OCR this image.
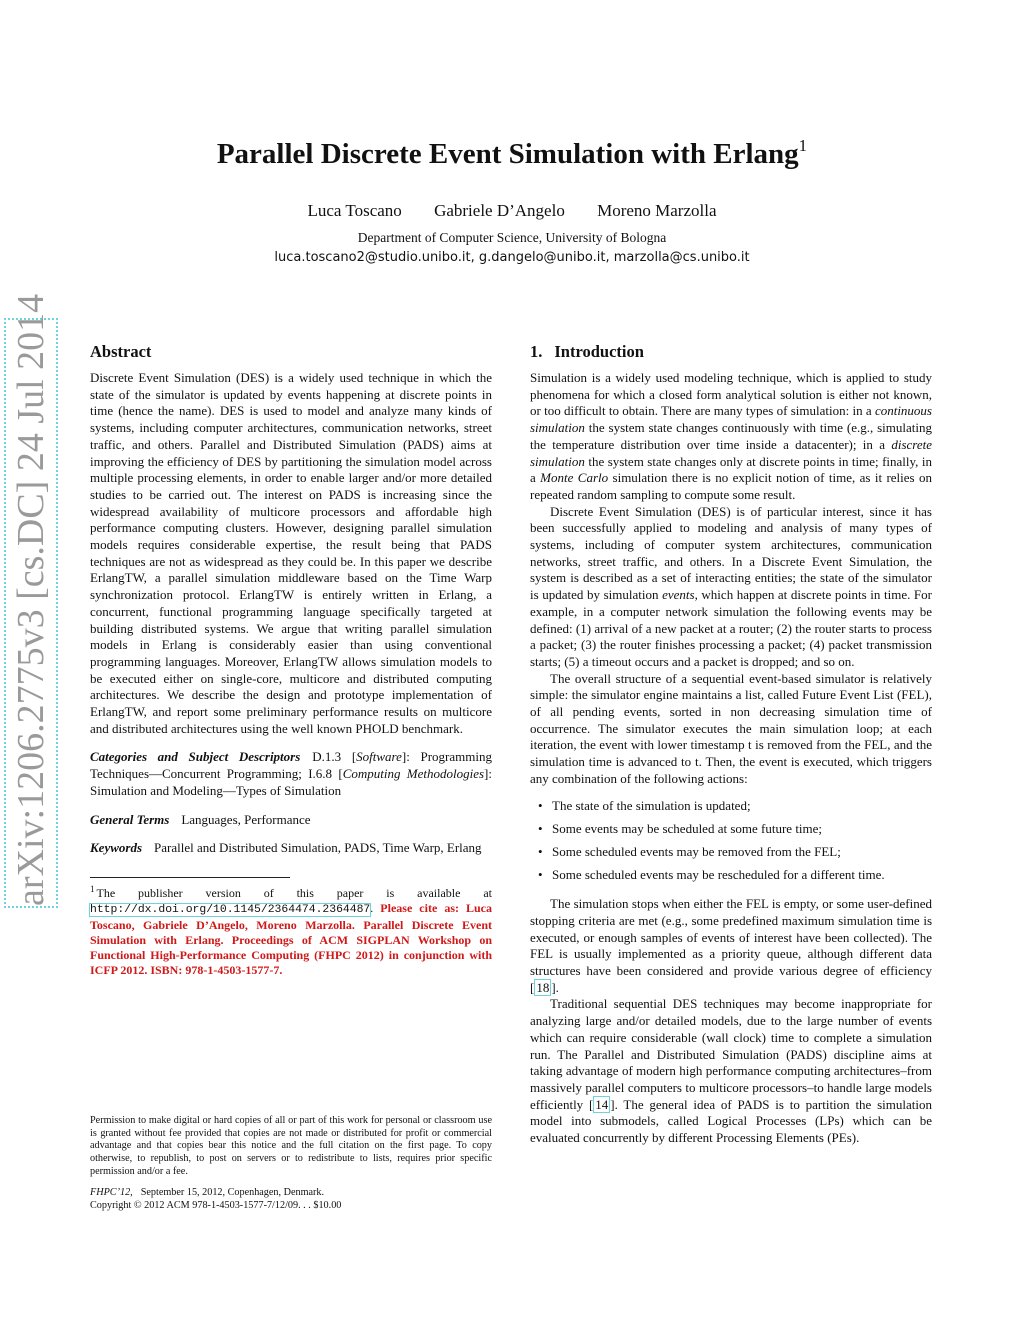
Parallel Discrete Event Simulation with Erlang$^1$
Luca Toscano Gabriele D’Angelo Moreno Marzolla
Department of Computer Science, University of Bologna
luca.toscano2@studio.unibo.it, g.dangelo@unibo.it, marzolla@cs.unibo.it
arXiv:1206.2775v3 [cs.DC] 24 Jul 2014	Abstract

Discrete Event Simulation (DES) is a widely used technique in which the state of the simulator is updated by events happening at discrete points in time (hence the name). DES is used to model and analyze many kinds of systems, including computer architectures, communication networks, street traffic, and others. Parallel and Distributed Simulation (PADS) aims at improving the efficiency of DES by partitioning the simulation model across multiple processing elements, in order to enable larger and/or more detailed studies to be carried out. The interest on PADS is increasing since the widespread availability of multicore processors and affordable high performance computing clusters. However, designing parallel simulation models requires considerable expertise, the result being that PADS techniques are not as widespread as they could be. In this paper we describe ErlangTW, a parallel simulation middleware based on the Time Warp synchronization protocol. ErlangTW is entirely written in Erlang, a concurrent, functional programming language specifically targeted at building distributed systems. We argue that writing parallel simulation models in Erlang is considerably easier than using conventional programming languages. Moreover, ErlangTW allows simulation models to be executed either on single-core, multicore and distributed computing architectures. We describe the design and prototype implementation of ErlangTW, and report some preliminary performance results on multicore and distributed architectures using the well known PHOLD benchmark.

Categories and Subject Descriptors D.1.3 [Software]: Programming Techniques—Concurrent Programming; I.6.8 [Computing Methodologies]: Simulation and Modeling—Types of Simulation

General Terms Languages, Performance

Keywords Parallel and Distributed Simulation, PADS, Time Warp, Erlang

$^1$ The publisher version of this paper is available at http://dx.doi.org/10.1145/2364474.2364487. Please cite as: Luca Toscano, Gabriele D’Angelo, Moreno Marzolla. Parallel Discrete Event Simulation with Erlang. Proceedings of ACM SIGPLAN Workshop on Functional High-Performance Computing (FHPC 2012) in conjunction with ICFP 2012. ISBN: 978-1-4503-1577-7.

Permission to make digital or hard copies of all or part of this work for personal or classroom use is granted without fee provided that copies are not made or distributed for profit or commercial advantage and that copies bear this notice and the full citation on the first page. To copy otherwise, to republish, to post on servers or to redistribute to lists, requires prior specific permission and/or a fee.
FHPC’12, September 15, 2012, Copenhagen, Denmark.
Copyright © 2012 ACM 978-1-4503-1577-7/12/09. . . $10.00
1. Introduction

Simulation is a widely used modeling technique, which is applied to study phenomena for which a closed form analytical solution is either not known, or too difficult to obtain. There are many types of simulation: in a continuous simulation the system state changes continuously with time (e.g., simulating the temperature distribution over time inside a datacenter); in a discrete simulation the system state changes only at discrete points in time; finally, in a Monte Carlo simulation there is no explicit notion of time, as it relies on repeated random sampling to compute some result.

Discrete Event Simulation (DES) is of particular interest, since it has been successfully applied to modeling and analysis of many types of systems, including of computer system architectures, communication networks, street traffic, and others. In a Discrete Event Simulation, the system is described as a set of interacting entities; the state of the simulator is updated by simulation events, which happen at discrete points in time. For example, in a computer network simulation the following events may be defined: (1) arrival of a new packet at a router; (2) the router starts to process a packet; (3) the router finishes processing a packet; (4) packet transmission starts; (5) a timeout occurs and a packet is dropped; and so on.

The overall structure of a sequential event-based simulator is relatively simple: the simulator engine maintains a list, called Future Event List (FEL), of all pending events, sorted in non decreasing simulation time of occurrence. The simulator executes the main simulation loop; at each iteration, the event with lower timestamp t is removed from the FEL, and the simulation time is advanced to t. Then, the event is executed, which triggers any combination of the following actions:

• The state of the simulation is updated;
• Some events may be scheduled at some future time;
• Some scheduled events may be removed from the FEL;
• Some scheduled events may be rescheduled for a different time.

The simulation stops when either the FEL is empty, or some user-defined stopping criteria are met (e.g., some predefined maximum simulation time is executed, or enough samples of events of interest have been collected). The FEL is usually implemented as a priority queue, although different data structures have been considered and provide various degree of efficiency [ 18 ].

Traditional sequential DES techniques may become inappropriate for analyzing large and/or detailed models, due to the large number of events which can require considerable (wall clock) time to complete a simulation run. The Parallel and Distributed Simulation (PADS) discipline aims at taking advantage of modern high performance computing architectures–from massively parallel computers to multicore processors–to handle large models efficiently [ 14 ]. The general idea of PADS is to partition the simulation model into submodels, called Logical Processes (LPs) which can be evaluated concurrently by different Processing Elements (PEs).
